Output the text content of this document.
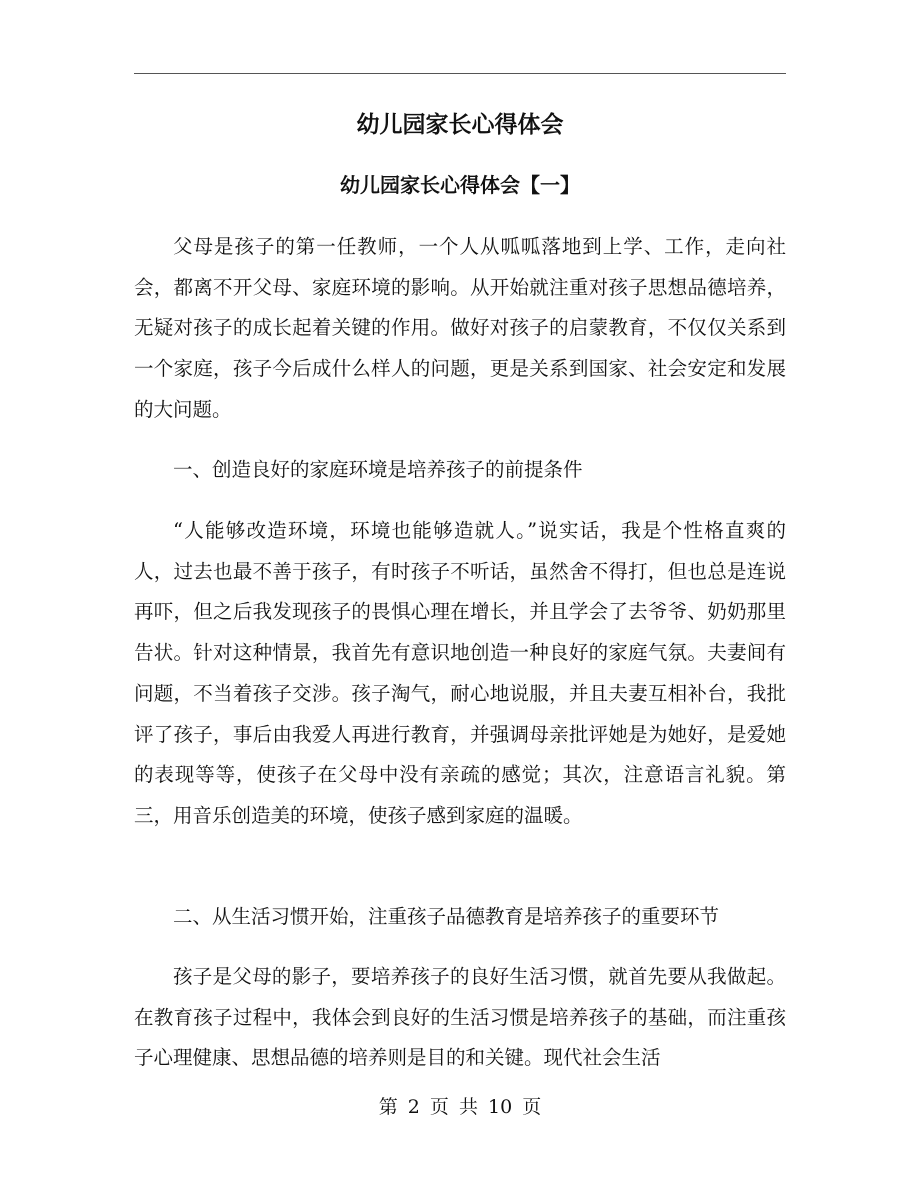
幼儿园家长心得体会
幼儿园家长心得体会【一】

父母是孩子的第一任教师，一个人从呱呱落地到上学、工作，走向社会，都离不开父母、家庭环境的影响。从开始就注重对孩子思想品德培养，无疑对孩子的成长起着关键的作用。做好对孩子的启蒙教育，不仅仅关系到一个家庭，孩子今后成什么样人的问题，更是关系到国家、社会安定和发展的大问题。

一、创造良好的家庭环境是培养孩子的前提条件

“人能够改造环境，环境也能够造就人。”说实话，我是个性格直爽的人，过去也最不善于孩子，有时孩子不听话，虽然舍不得打，但也总是连说再吓，但之后我发现孩子的畏惧心理在增长，并且学会了去爷爷、奶奶那里告状。针对这种情景，我首先有意识地创造一种良好的家庭气氛。夫妻间有问题，不当着孩子交涉。孩子淘气，耐心地说服，并且夫妻互相补台，我批评了孩子，事后由我爱人再进行教育，并强调母亲批评她是为她好，是爱她的表现等等，使孩子在父母中没有亲疏的感觉；其次，注意语言礼貌。第三，用音乐创造美的环境，使孩子感到家庭的温暖。

二、从生活习惯开始，注重孩子品德教育是培养孩子的重要环节

孩子是父母的影子，要培养孩子的良好生活习惯，就首先要从我做起。在教育孩子过程中，我体会到良好的生活习惯是培养孩子的基础，而注重孩子心理健康、思想品德的培养则是目的和关键。现代社会生活

第 2 页 共 10 页
